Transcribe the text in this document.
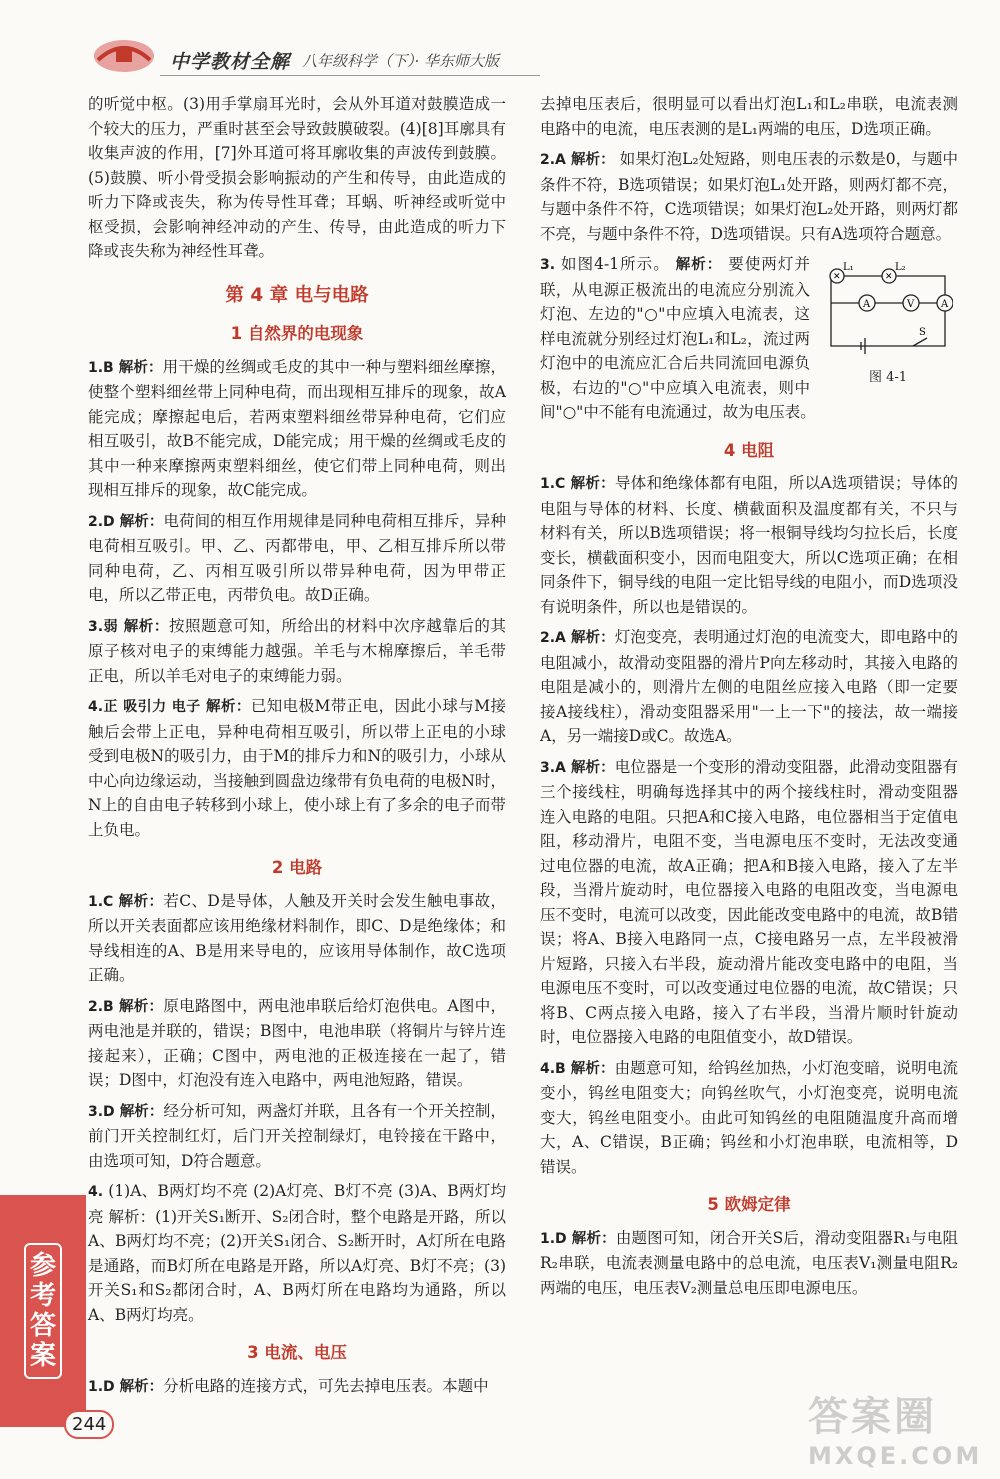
中学教材全解 八年级科学（下）· 华东师大版

的听觉中枢。(3)用手掌扇耳光时，会从外耳道对鼓膜造成一个较大的压力，严重时甚至会导致鼓膜破裂。(4)[8]耳廓具有收集声波的作用，[7]外耳道可将耳廓收集的声波传到鼓膜。(5)鼓膜、听小骨受损会影响振动的产生和传导，由此造成的听力下降或丧失，称为传导性耳聋；耳蜗、听神经或听觉中枢受损，会影响神经冲动的产生、传导，由此造成的听力下降或丧失称为神经性耳聋。

第 4 章 电与电路
1 自然界的电现象

1.B 解析：用干燥的丝绸或毛皮的其中一种与塑料细丝摩擦，使整个塑料细丝带上同种电荷，而出现相互排斥的现象，故A能完成；摩擦起电后，若两束塑料细丝带异种电荷，它们应相互吸引，故B不能完成，D能完成；用干燥的丝绸或毛皮的其中一种来摩擦两束塑料细丝，使它们带上同种电荷，则出现相互排斥的现象，故C能完成。

2.D 解析：电荷间的相互作用规律是同种电荷相互排斥，异种电荷相互吸引。甲、乙、丙都带电，甲、乙相互排斥所以带同种电荷，乙、丙相互吸引所以带异种电荷，因为甲带正电，所以乙带正电，丙带负电。故D正确。

3.弱 解析：按照题意可知，所给出的材料中次序越靠后的其原子核对电子的束缚能力越强。羊毛与木棉摩擦后，羊毛带正电，所以羊毛对电子的束缚能力弱。

4.正 吸引力 电子 解析：已知电极M带正电，因此小球与M接触后会带上正电，异种电荷相互吸引，所以带上正电的小球受到电极N的吸引力，由于M的排斥力和N的吸引力，小球从中心向边缘运动，当接触到圆盘边缘带有负电荷的电极N时，N上的自由电子转移到小球上，使小球上有了多余的电子而带上负电。

2 电路

1.C 解析：若C、D是导体，人触及开关时会发生触电事故，所以开关表面都应该用绝缘材料制作，即C、D是绝缘体；和导线相连的A、B是用来导电的，应该用导体制作，故C选项正确。

2.B 解析：原电路图中，两电池串联后给灯泡供电。A图中，两电池是并联的，错误；B图中，电池串联（将铜片与锌片连接起来），正确；C图中，两电池的正极连接在一起了，错误；D图中，灯泡没有连入电路中，两电池短路，错误。

3.D 解析：经分析可知，两盏灯并联，且各有一个开关控制，前门开关控制红灯，后门开关控制绿灯，电铃接在干路中，由选项可知，D符合题意。

4. (1)A、B两灯均不亮 (2)A灯亮、B灯不亮 (3)A、B两灯均亮 解析：(1)开关S₁断开、S₂闭合时，整个电路是开路，所以A、B两灯均不亮；(2)开关S₁闭合、S₂断开时，A灯所在电路是通路，而B灯所在电路是开路，所以A灯亮、B灯不亮；(3)开关S₁和S₂都闭合时，A、B两灯所在电路均为通路，所以A、B两灯均亮。

3 电流、电压

1.D 解析：分析电路的连接方式，可先去掉电压表。本题中

去掉电压表后，很明显可以看出灯泡L₁和L₂串联，电流表测电路中的电流，电压表测的是L₁两端的电压，D选项正确。

2.A 解析： 如果灯泡L₂处短路，则电压表的示数是0，与题中条件不符，B选项错误；如果灯泡L₁处开路，则两灯都不亮，与题中条件不符，C选项错误；如果灯泡L₂处开路，则两灯都不亮，与题中条件不符，D选项错误。只有A选项符合题意。

✕	✕
L₁	L₂
A
A	V
S
图 4-1
3. 如图4-1所示。 解析： 要使两灯并联，从电源正极流出的电流应分别流入灯泡、左边的"○"中应填入电流表，这样电流就分别经过灯泡L₁和L₂，流过两灯泡中的电流应汇合后共同流回电源负极，右边的"○"中应填入电流表，则中间"○"中不能有电流通过，故为电压表。
4 电阻

1.C 解析：导体和绝缘体都有电阻，所以A选项错误；导体的电阻与导体的材料、长度、横截面积及温度都有关，不只与材料有关，所以B选项错误；将一根铜导线均匀拉长后，长度变长，横截面积变小，因而电阻变大，所以C选项正确；在相同条件下，铜导线的电阻一定比铝导线的电阻小，而D选项没有说明条件，所以也是错误的。

2.A 解析：灯泡变亮，表明通过灯泡的电流变大，即电路中的电阻减小，故滑动变阻器的滑片P向左移动时，其接入电路的电阻是减小的，则滑片左侧的电阻丝应接入电路（即一定要接A接线柱），滑动变阻器采用"一上一下"的接法，故一端接A，另一端接D或C。故选A。

3.A 解析：电位器是一个变形的滑动变阻器，此滑动变阻器有三个接线柱，明确每选择其中的两个接线柱时，滑动变阻器连入电路的电阻。只把A和C接入电路，电位器相当于定值电阻，移动滑片，电阻不变，当电源电压不变时，无法改变通过电位器的电流，故A正确；把A和B接入电路，接入了左半段，当滑片旋动时，电位器接入电路的电阻改变，当电源电压不变时，电流可以改变，因此能改变电路中的电流，故B错误；将A、B接入电路同一点，C接电路另一点，左半段被滑片短路，只接入右半段，旋动滑片能改变电路中的电阻，当电源电压不变时，可以改变通过电位器的电流，故C错误；只将B、C两点接入电路，接入了右半段，当滑片顺时针旋动时，电位器接入电路的电阻值变小，故D错误。

4.B 解析：由题意可知，给钨丝加热，小灯泡变暗，说明电流变小，钨丝电阻变大；向钨丝吹气，小灯泡变亮，说明电流变大，钨丝电阻变小。由此可知钨丝的电阻随温度升高而增大，A、C错误，B正确；钨丝和小灯泡串联，电流相等，D错误。

5 欧姆定律

1.D 解析：由题图可知，闭合开关S后，滑动变阻器R₁与电阻R₂串联，电流表测量电路中的总电流，电压表V₁测量电阻R₂两端的电压，电压表V₂测量总电压即电源电压。

参考答案
244	答案圈
MXQE.COM
